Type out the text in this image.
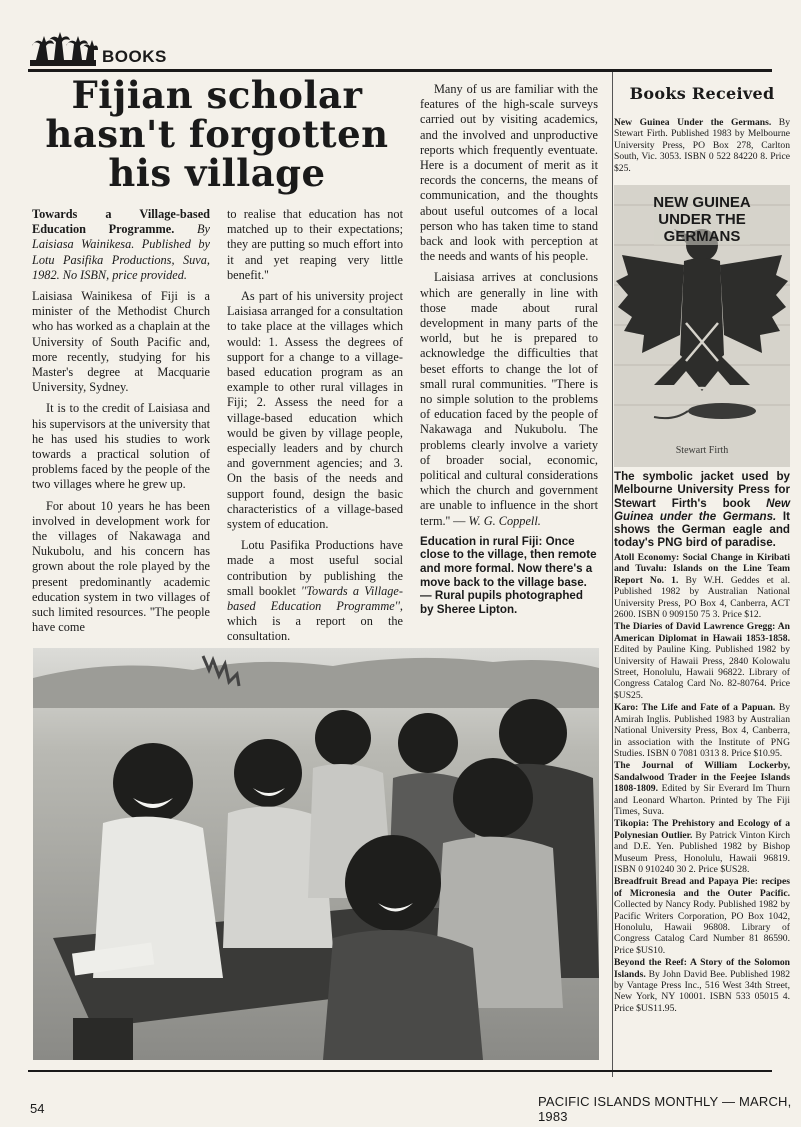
BOOKS
Fijian scholar hasn't forgotten his village

Towards a Village-based Education Programme. By Laisiasa Wainikesa. Published by Lotu Pasifika Productions, Suva, 1982. No ISBN, price provided.

Laisiasa Wainikesa of Fiji is a minister of the Methodist Church who has worked as a chaplain at the University of South Pacific and, more recently, studying for his Master's degree at Macquarie University, Sydney.

It is to the credit of Laisiasa and his supervisors at the university that he has used his studies to work towards a practical solution of problems faced by the people of the two villages where he grew up.

For about 10 years he has been involved in development work for the villages of Nakawaga and Nukubolu, and his concern has grown about the role played by the present predominantly academic education system in two villages of such limited resources. ''The people have come

to realise that education has not matched up to their expectations; they are putting so much effort into it and yet reaping very little benefit.''

As part of his university project Laisiasa arranged for a consultation to take place at the villages which would: 1. Assess the degrees of support for a change to a village-based education program as an example to other rural villages in Fiji; 2. Assess the need for a village-based education which would be given by village people, especially leaders and by church and government agencies; and 3. On the basis of the needs and support found, design the basic characteristics of a village-based system of education.

Lotu Pasifika Productions have made a most useful social contribution by publishing the small booklet ''Towards a Village-based Education Programme'', which is a report on the consultation.

Many of us are familiar with the features of the high-scale surveys carried out by visiting academics, and the involved and unproductive reports which frequently eventuate. Here is a document of merit as it records the concerns, the means of communication, and the thoughts about useful outcomes of a local person who has taken time to stand back and look with perception at the needs and wants of his people.

Laisiasa arrives at conclusions which are generally in line with those made about rural development in many parts of the world, but he is prepared to acknowledge the difficulties that beset efforts to change the lot of small rural communities. ''There is no simple solution to the problems of education faced by the people of Nakawaga and Nukubolu. The problems clearly involve a variety of broader social, economic, political and cultural considerations which the church and government are unable to influence in the short term.'' — W. G. Coppell.

Education in rural Fiji: Once close to the village, then remote and more formal. Now there's a move back to the village base. — Rural pupils photographed by Sheree Lipton.
Books Received

New Guinea Under the Germans. By Stewart Firth. Published 1983 by Melbourne University Press, PO Box 278, Carlton South, Vic. 3053. ISBN 0 522 84220 8. Price $25.

NEW GUINEA
UNDER THE
GERMANS
Stewart Firth
The symbolic jacket used by Melbourne University Press for Stewart Firth's book New Guinea under the Germans. It shows the German eagle and today's PNG bird of paradise.

Atoll Economy: Social Change in Kiribati and Tuvalu: Islands on the Line Team Report No. 1. By W.H. Geddes et al. Published 1982 by Australian National University Press, PO Box 4, Canberra, ACT 2600. ISBN 0 909150 75 3. Price $12.

The Diaries of David Lawrence Gregg: An American Diplomat in Hawaii 1853-1858. Edited by Pauline King. Published 1982 by University of Hawaii Press, 2840 Kolowalu Street, Honolulu, Hawaii 96822. Library of Congress Catalog Card No. 82-80764. Price $US25.

Karo: The Life and Fate of a Papuan. By Amirah Inglis. Published 1983 by Australian National University Press, Box 4, Canberra, in association with the Institute of PNG Studies. ISBN 0 7081 0313 8. Price $10.95.

The Journal of William Lockerby, Sandalwood Trader in the Feejee Islands 1808-1809. Edited by Sir Everard Im Thurn and Leonard Wharton. Printed by The Fiji Times, Suva.

Tikopia: The Prehistory and Ecology of a Polynesian Outlier. By Patrick Vinton Kirch and D.E. Yen. Published 1982 by Bishop Museum Press, Honolulu, Hawaii 96819. ISBN 0 910240 30 2. Price $US28.

Breadfruit Bread and Papaya Pie: recipes of Micronesia and the Outer Pacific. Collected by Nancy Rody. Published 1982 by Pacific Writers Corporation, PO Box 1042, Honolulu, Hawaii 96808. Library of Congress Catalog Card Number 81 86590. Price $US10.

Beyond the Reef: A Story of the Solomon Islands. By John David Bee. Published 1982 by Vantage Press Inc., 516 West 34th Street, New York, NY 10001. ISBN 533 05015 4. Price $US11.95.

54	PACIFIC ISLANDS MONTHLY — MARCH, 1983
